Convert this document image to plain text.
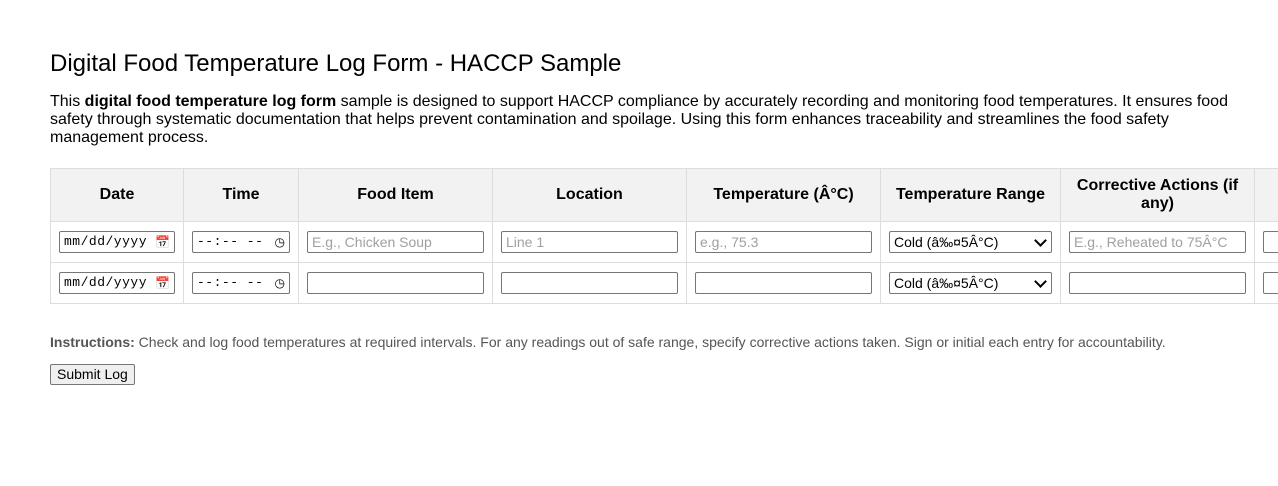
Digital Food Temperature Log Form - HACCP Sample

This digital food temperature log form sample is designed to support HACCP compliance by accurately recording and monitoring food temperatures. It ensures food safety through systematic documentation that helps prevent contamination and spoilage. Using this form enhances traceability and streamlines the food safety management process.

Date	Time	Food Item	Location	Temperature (Â°C)	Temperature Range	Corrective Actions (if any)	

mm/dd/yyyy 📅	--:-- -- ◷	E.g., Chicken Soup	Line 1	e.g., 75.3	Cold (â‰¤5Â°C)	E.g., Reheated to 75Â°C	

mm/dd/yyyy 📅	--:-- -- ◷				Cold (â‰¤5Â°C)		

Instructions: Check and log food temperatures at required intervals. For any readings out of safe range, specify corrective actions taken. Sign or initial each entry for accountability.
Submit Log
